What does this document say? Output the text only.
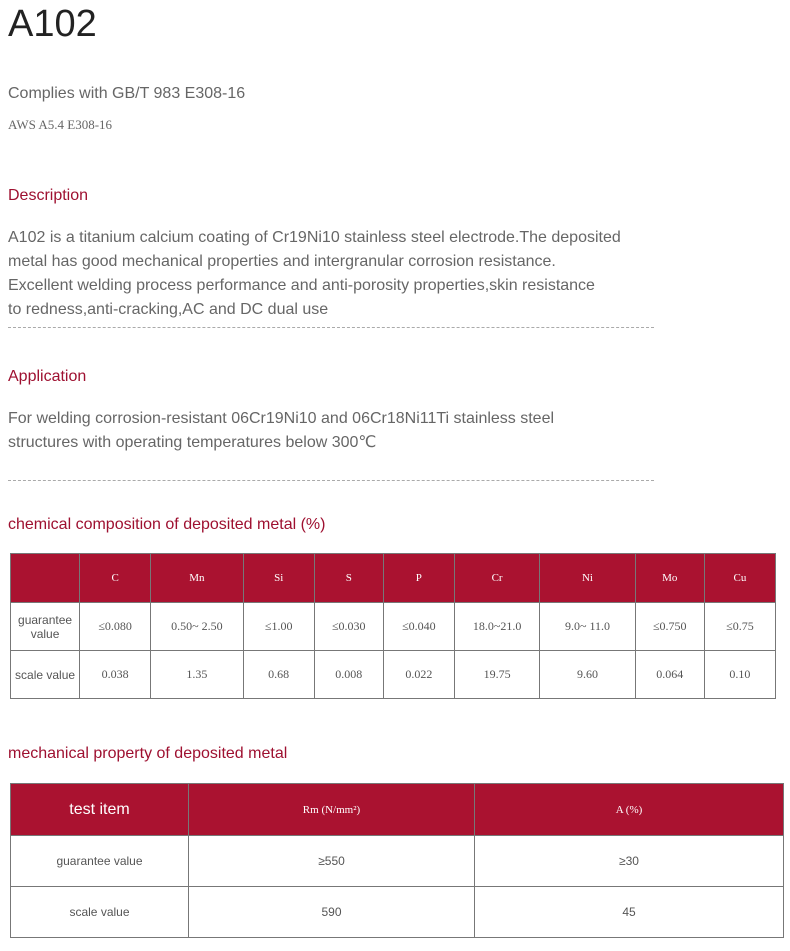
A102
Complies with GB/T 983 E308-16
AWS A5.4 E308-16
Description
A102 is a titanium calcium coating of Cr19Ni10 stainless steel electrode.The deposited
metal has good mechanical properties and intergranular corrosion resistance.
Excellent welding process performance and anti-porosity properties,skin resistance
to redness,anti-cracking,AC and DC dual use
Application
For welding corrosion-resistant 06Cr19Ni10 and 06Cr18Ni11Ti stainless steel
structures with operating temperatures below 300℃
chemical composition of deposited metal (%)
	C	Mn	Si	S	P	Cr	Ni	Mo	Cu
guarantee value	≤0.080	0.50~ 2.50	≤1.00	≤0.030	≤0.040	18.0~21.0	9.0~ 11.0	≤0.750	≤0.75
scale value	0.038	1.35	0.68	0.008	0.022	19.75	9.60	0.064	0.10
mechanical property of deposited metal
test item	Rm (N/mm²)	A (%)
guarantee value	≥550	≥30
scale value	590	45
